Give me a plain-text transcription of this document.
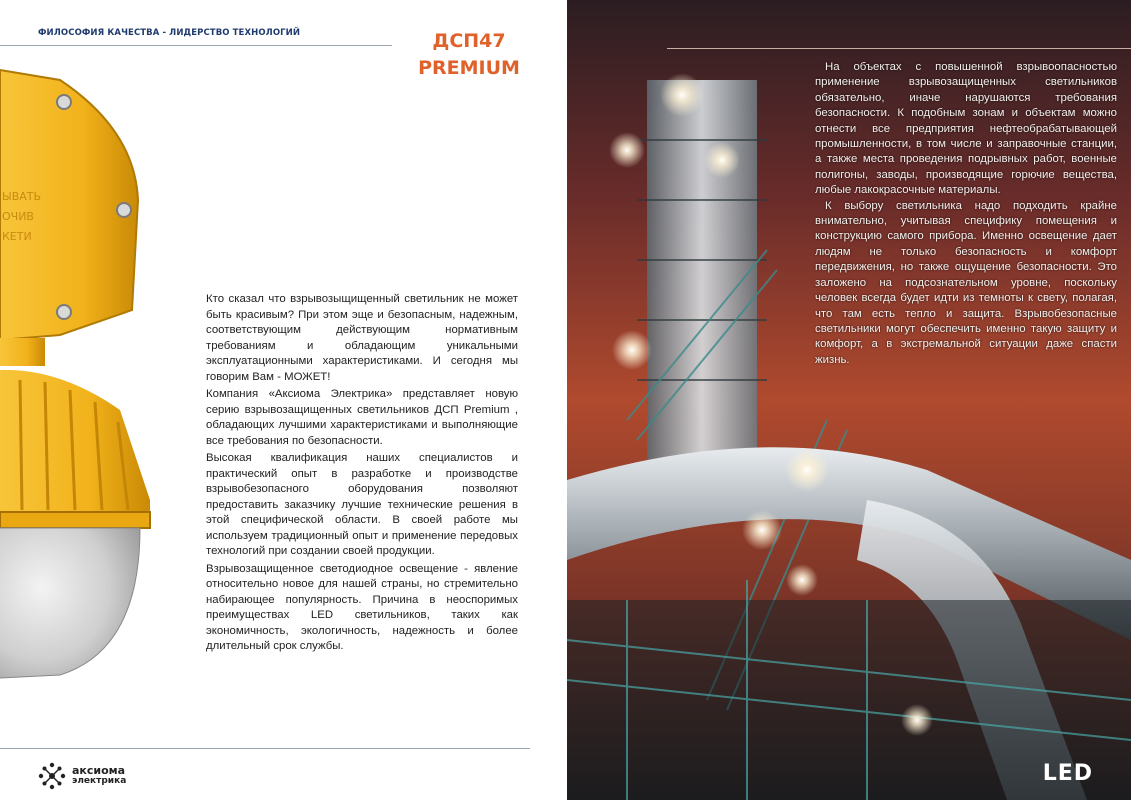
ФИЛОСОФИЯ КАЧЕСТВА - ЛИДЕРСТВО ТЕХНОЛОГИЙ	ДСП47
PREMIUM
ЫВАТЬ
ОЧИВ
КЕТИ

Кто сказал что взрывозыщищенный светильник не может быть красивым? При этом эще и безопасным, надежным, соответствующим действующим нормативным требованиям и обладающим уникальными эксплуатационными характеристиками. И сегодня мы говорим Вам - МОЖЕТ!

Компания «Аксиома Электрика» представляет новую серию взрывозащищенных светильников ДСП Premium , обладающих лучшими характеристиками и выполняющие все требования по безопасности.

Высокая квалификация наших специалистов и практический опыт в разработке и производстве взрывобезопасного оборудования позволяют предоставить заказчику лучшие технические решения в этой специфической области. В своей работе мы используем традиционный опыт и применение передовых технологий при создании своей продукции.

Взрывозащищенное светодиодное освещение - явление относительно новое для нашей страны, но стремительно набирающее популярность. Причина в неоспоримых преимуществах LED светильников, таких как экономичность, экологичность, надежность и более длительный срок службы.

аксиома
электрика

На объектах с повышенной взрывоопасностью применение взрывозащищенных светильников обязательно, иначе нарушаются требования безопасности. К подобным зонам и объектам можно отнести все предприятия нефтеобрабатывающей промышленности, в том числе и заправочные станции, а также места проведения подрывных работ, военные полигоны, заводы, производящие горючие вещества, любые лакокрасочные материалы.

К выбору светильника надо подходить крайне внимательно, учитывая специфику помещения и конструкцию самого прибора. Именно освещение дает людям не только безопасность и комфорт передвижения, но также ощущение безопасности. Это заложено на подсознательном уровне, поскольку человек всегда будет идти из темноты к свету, полагая, что там есть тепло и защита. Взрывобезопасные светильники могут обеспечить именно такую защиту и комфорт, а в экстремальной ситуации даже спасти жизнь.

LED
